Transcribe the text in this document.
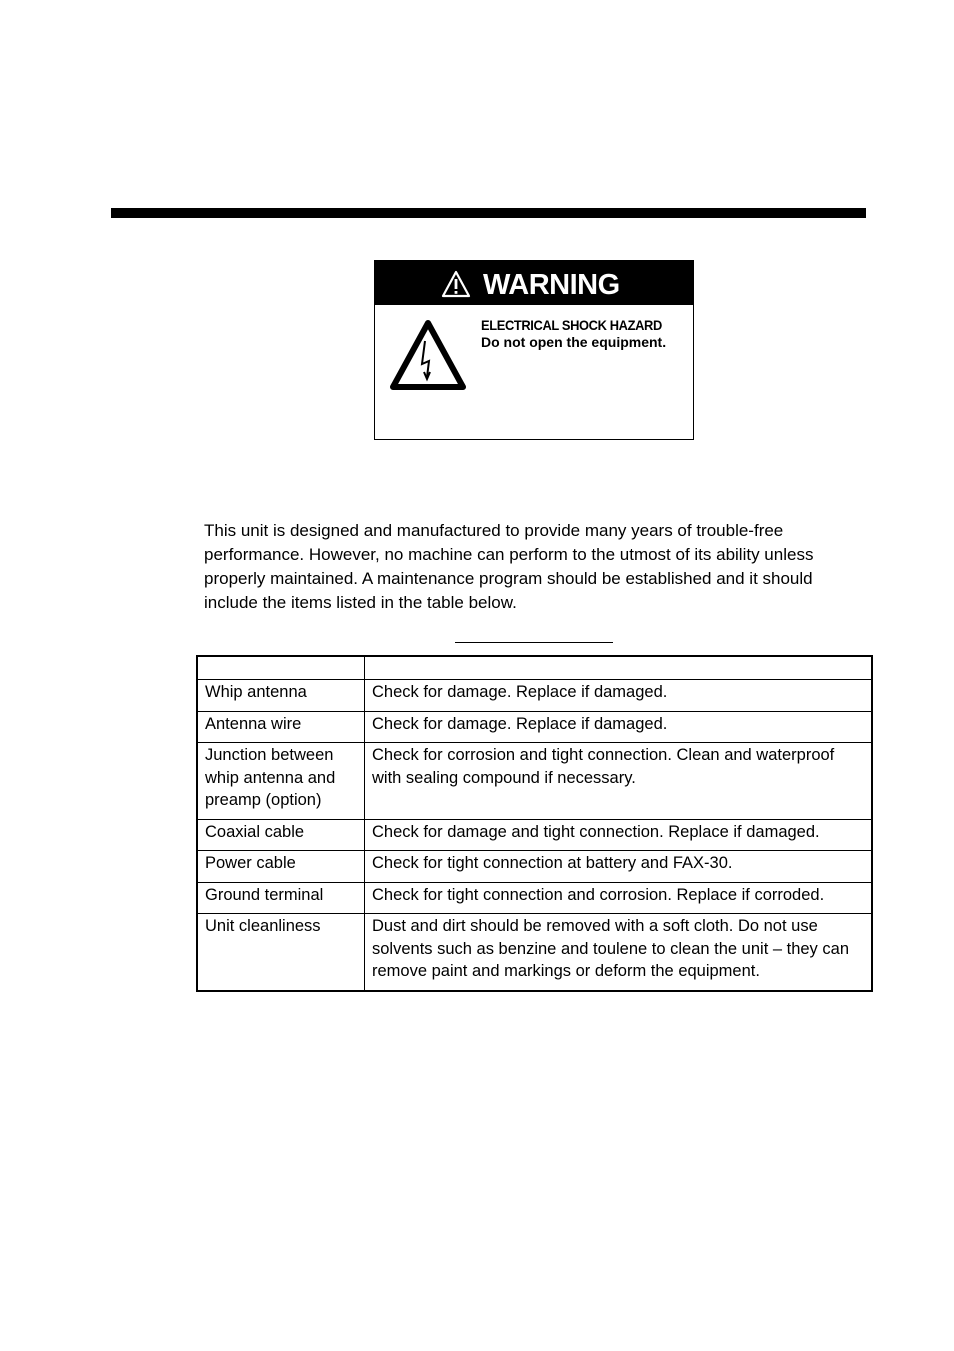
WARNING
ELECTRICAL SHOCK HAZARD
Do not open the equipment.

This unit is designed and manufactured to provide many years of trouble-free performance. However, no machine can perform to the utmost of its ability unless properly maintained. A maintenance program should be established and it should include the items listed in the table below.

Whip antenna	Check for damage. Replace if damaged.
Antenna wire	Check for damage. Replace if damaged.
Junction between whip antenna and preamp (option)	Check for corrosion and tight connection. Clean and waterproof with sealing compound if necessary.
Coaxial cable	Check for damage and tight connection. Replace if damaged.
Power cable	Check for tight connection at battery and FAX-30.
Ground terminal	Check for tight connection and corrosion. Replace if corroded.
Unit cleanliness	Dust and dirt should be removed with a soft cloth. Do not use solvents such as benzine and toulene to clean the unit – they can remove paint and markings or deform the equipment.
